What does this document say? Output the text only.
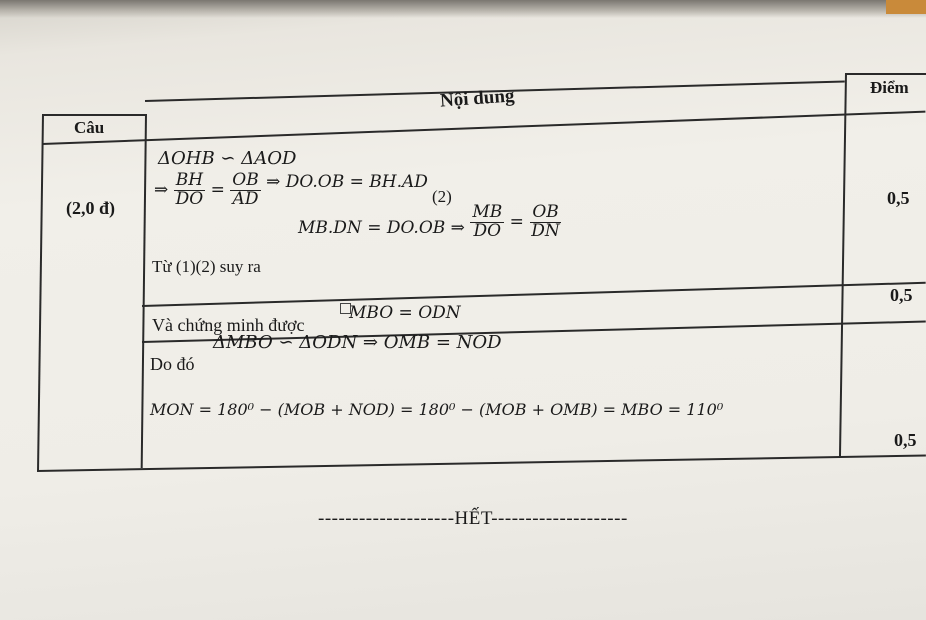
Câu
Nội dung	Điểm
(2,0 đ)
ΔOHB ∽ ΔAOD
⇒ $\frac{BH}{DO} = \frac{OB}{AD}$ ⇒ DO.OB = BH.AD
(2)
MB.DN = DO.OB ⇒ $\frac{MB}{DO} = \frac{OB}{DN}$
Từ (1)(2) suy ra
0,5
Và chứng minh được
MBO = ODN
0,5
Do đó
ΔMBO ∽ ΔODN ⇒ OMB = NOD
MON = 180⁰ − (MOB + NOD) = 180⁰ − (MOB + OMB) = MBO = 110⁰
0,5
--------------------HẾT--------------------
